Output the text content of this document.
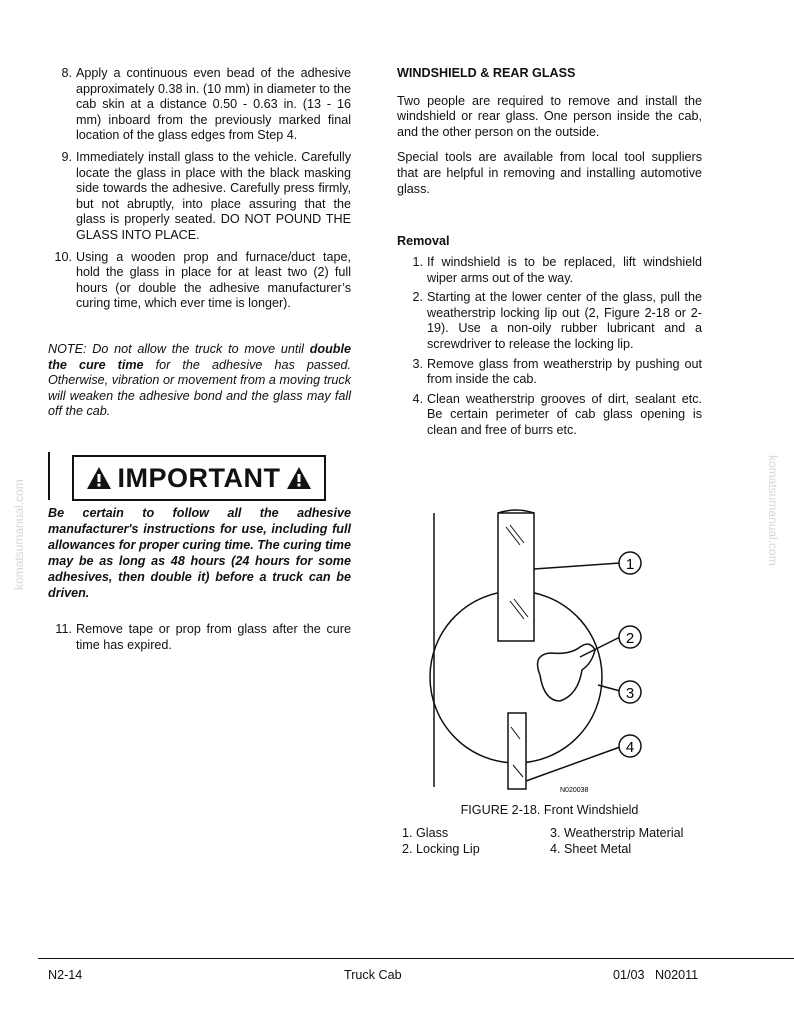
komatsumanual.com	komatsumanual.com
8. Apply a continuous even bead of the adhesive approximately 0.38 in. (10 mm) in diameter to the cab skin at a distance 0.50 - 0.63 in. (13 - 16 mm) inboard from the previously marked final location of the glass edges from Step 4.
9. Immediately install glass to the vehicle. Carefully locate the glass in place with the black masking side towards the adhesive. Carefully press firmly, but not abruptly, into place assuring that the glass is properly seated. DO NOT POUND THE GLASS INTO PLACE.
10. Using a wooden prop and furnace/duct tape, hold the glass in place for at least two (2) full hours (or double the adhesive manufacturer’s curing time, which ever time is longer).

NOTE: Do not allow the truck to move until double the cure time for the adhesive has passed. Otherwise, vibration or movement from a moving truck will weaken the adhesive bond and the glass may fall off the cab.

IMPORTANT

Be certain to follow all the adhesive manufacturer's instructions for use, including full allowances for proper curing time. The curing time may be as long as 48 hours (24 hours for some adhesives, then double it) before a truck can be driven.

11. Remove tape or prop from glass after the cure time has expired.

WINDSHIELD & REAR GLASS

Two people are required to remove and install the windshield or rear glass. One person inside the cab, and the other person on the outside.

Special tools are available from local tool suppliers that are helpful in removing and installing automotive glass.

Removal
1. If windshield is to be replaced, lift windshield wiper arms out of the way.
2. Starting at the lower center of the glass, pull the weatherstrip locking lip out (2, Figure 2-18 or 2-19). Use a non-oily rubber lubricant and a screwdriver to release the locking lip.
3. Remove glass from weatherstrip by pushing out from inside the cab.
4. Clean weatherstrip grooves of dirt, sealant etc. Be certain perimeter of cab glass opening is clean and free of burrs etc.
1
2
3
4
N020038
FIGURE 2-18. Front Windshield
1. Glass	3. Weatherstrip Material
2. Locking Lip	4. Sheet Metal
N2-14	Truck Cab	01/03 N02011
